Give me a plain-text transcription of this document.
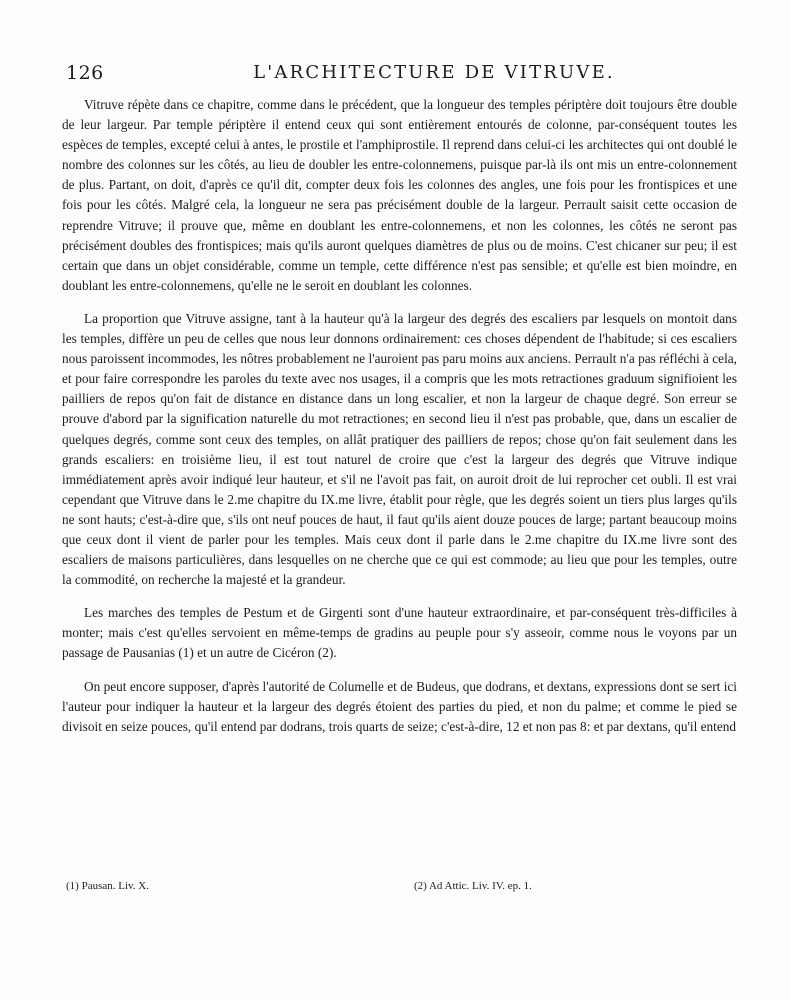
126	L'ARCHITECTURE DE VITRUVE.

Vitruve répète dans ce chapitre, comme dans le précédent, que la longueur des temples périptère doit toujours être double de leur largeur. Par temple périptère il entend ceux qui sont entièrement entourés de colonne, par-conséquent toutes les espèces de temples, excepté celui à antes, le prostile et l'amphiprostile. Il reprend dans celui-ci les architectes qui ont doublé le nombre des colonnes sur les côtés, au lieu de doubler les entre-colonnemens, puisque par-là ils ont mis un entre-colonnement de plus. Partant, on doit, d'après ce qu'il dit, compter deux fois les colonnes des angles, une fois pour les frontispices et une fois pour les côtés. Malgré cela, la longueur ne sera pas précisément double de la largeur. Perrault saisit cette occasion de reprendre Vitruve; il prouve que, même en doublant les entre-colonnemens, et non les colonnes, les côtés ne seront pas précisément doubles des frontispices; mais qu'ils auront quelques diamètres de plus ou de moins. C'est chicaner sur peu; il est certain que dans un objet considérable, comme un temple, cette différence n'est pas sensible; et qu'elle est bien moindre, en doublant les entre-colonnemens, qu'elle ne le seroit en doublant les colonnes.

La proportion que Vitruve assigne, tant à la hauteur qu'à la largeur des degrés des escaliers par lesquels on montoit dans les temples, diffère un peu de celles que nous leur donnons ordinairement: ces choses dépendent de l'habitude; si ces escaliers nous paroissent incommodes, les nôtres probablement ne l'auroient pas paru moins aux anciens. Perrault n'a pas réfléchi à cela, et pour faire correspondre les paroles du texte avec nos usages, il a compris que les mots retractiones graduum signifioient les pailliers de repos qu'on fait de distance en distance dans un long escalier, et non la largeur de chaque degré. Son erreur se prouve d'abord par la signification naturelle du mot retractiones; en second lieu il n'est pas probable, que, dans un escalier de quelques degrés, comme sont ceux des temples, on allât pratiquer des pailliers de repos; chose qu'on fait seulement dans les grands escaliers: en troisième lieu, il est tout naturel de croire que c'est la largeur des degrés que Vitruve indique immédiatement après avoir indiqué leur hauteur, et s'il ne l'avoit pas fait, on auroit droit de lui reprocher cet oubli. Il est vrai cependant que Vitruve dans le 2.me chapitre du IX.me livre, établit pour règle, que les degrés soient un tiers plus larges qu'ils ne sont hauts; c'est-à-dire que, s'ils ont neuf pouces de haut, il faut qu'ils aient douze pouces de large; partant beaucoup moins que ceux dont il vient de parler pour les temples. Mais ceux dont il parle dans le 2.me chapitre du IX.me livre sont des escaliers de maisons particulières, dans lesquelles on ne cherche que ce qui est commode; au lieu que pour les temples, outre la commodité, on recherche la majesté et la grandeur.

Les marches des temples de Pestum et de Girgenti sont d'une hauteur extraordinaire, et par-conséquent très-difficiles à monter; mais c'est qu'elles servoient en même-temps de gradins au peuple pour s'y asseoir, comme nous le voyons par un passage de Pausanias (1) et un autre de Cicéron (2).

On peut encore supposer, d'après l'autorité de Columelle et de Budeus, que dodrans, et dextans, expressions dont se sert ici l'auteur pour indiquer la hauteur et la largeur des degrés étoient des parties du pied, et non du palme; et comme le pied se divisoit en seize pouces, qu'il entend par dodrans, trois quarts de seize; c'est-à-dire, 12 et non pas 8: et par dextans, qu'il entend

(1) Pausan. Liv. X.	(2) Ad Attic. Liv. IV. ep. 1.
